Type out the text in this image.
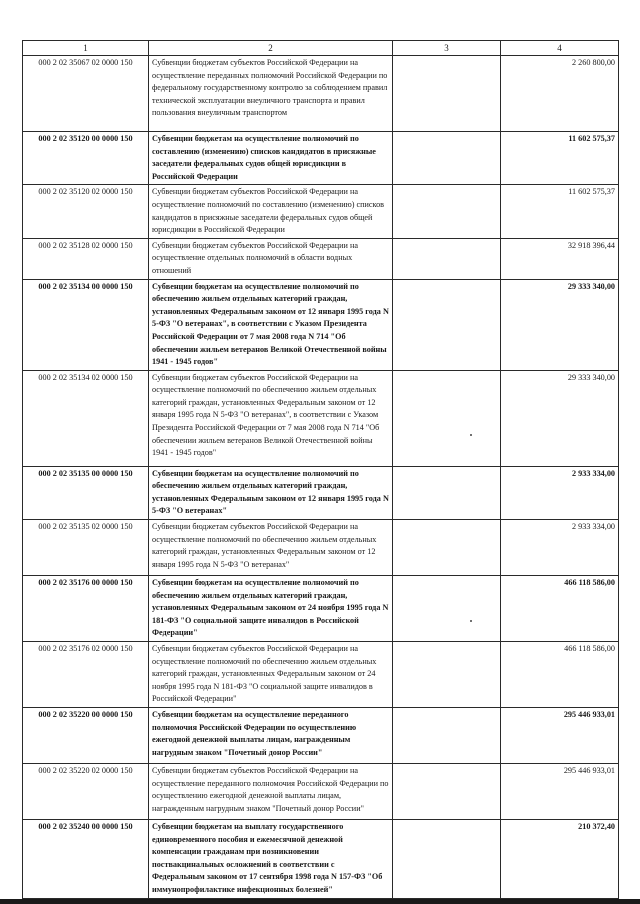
1	2	3	4
000 2 02 35067 02 0000 150	Субвенции бюджетам субъектов Российской Федерации на осуществление переданных полномочий Российской Федерации по федеральному государственному контролю за соблюдением правил технической эксплуатации внеуличного транспорта и правил пользования внеуличным транспортом		2 260 800,00
000 2 02 35120 00 0000 150	Субвенции бюджетам на осуществление полномочий по составлению (изменению) списков кандидатов в присяжные заседатели федеральных судов общей юрисдикции в Российской Федерации		11 602 575,37
000 2 02 35120 02 0000 150	Субвенции бюджетам субъектов Российской Федерации на осуществление полномочий по составлению (изменению) списков кандидатов в присяжные заседатели федеральных судов общей юрисдикции в Российской Федерации		11 602 575,37
000 2 02 35128 02 0000 150	Субвенции бюджетам субъектов Российской Федерации на осуществление отдельных полномочий в области водных отношений		32 918 396,44
000 2 02 35134 00 0000 150	Субвенции бюджетам на осуществление полномочий по обеспечению жильем отдельных категорий граждан, установленных Федеральным законом от 12 января 1995 года N 5-ФЗ "О ветеранах", в соответствии с Указом Президента Российской Федерации от 7 мая 2008 года N 714 "Об обеспечении жильем ветеранов Великой Отечественной войны 1941 - 1945 годов"		29 333 340,00
000 2 02 35134 02 0000 150	Субвенции бюджетам субъектов Российской Федерации на осуществление полномочий по обеспечению жильем отдельных категорий граждан, установленных Федеральным законом от 12 января 1995 года N 5-ФЗ "О ветеранах", в соответствии с Указом Президента Российской Федерации от 7 мая 2008 года N 714 "Об обеспечении жильем ветеранов Великой Отечественной войны 1941 - 1945 годов"		29 333 340,00
000 2 02 35135 00 0000 150	Субвенции бюджетам на осуществление полномочий по обеспечению жильем отдельных категорий граждан, установленных Федеральным законом от 12 января 1995 года N 5-ФЗ "О ветеранах"		2 933 334,00
000 2 02 35135 02 0000 150	Субвенции бюджетам субъектов Российской Федерации на осуществление полномочий по обеспечению жильем отдельных категорий граждан, установленных Федеральным законом от 12 января 1995 года N 5-ФЗ "О ветеранах"		2 933 334,00
000 2 02 35176 00 0000 150	Субвенции бюджетам на осуществление полномочий по обеспечению жильем отдельных категорий граждан, установленных Федеральным законом от 24 ноября 1995 года N 181-ФЗ "О социальной защите инвалидов в Российской Федерации"		466 118 586,00
000 2 02 35176 02 0000 150	Субвенции бюджетам субъектов Российской Федерации на осуществление полномочий по обеспечению жильем отдельных категорий граждан, установленных Федеральным законом от 24 ноября 1995 года N 181-ФЗ "О социальной защите инвалидов в Российской Федерации"		466 118 586,00
000 2 02 35220 00 0000 150	Субвенции бюджетам на осуществление переданного полномочия Российской Федерации по осуществлению ежегодной денежной выплаты лицам, награжденным нагрудным знаком "Почетный донор России"		295 446 933,01
000 2 02 35220 02 0000 150	Субвенции бюджетам субъектов Российской Федерации на осуществление переданного полномочия Российской Федерации по осуществлению ежегодной денежной выплаты лицам, награжденным нагрудным знаком "Почетный донор России"		295 446 933,01
000 2 02 35240 00 0000 150	Субвенции бюджетам на выплату государственного единовременного пособия и ежемесячной денежной компенсации гражданам при возникновении поствакцинальных осложнений в соответствии с Федеральным законом от 17 сентября 1998 года N 157-ФЗ "Об иммунопрофилактике инфекционных болезней"		210 372,40
